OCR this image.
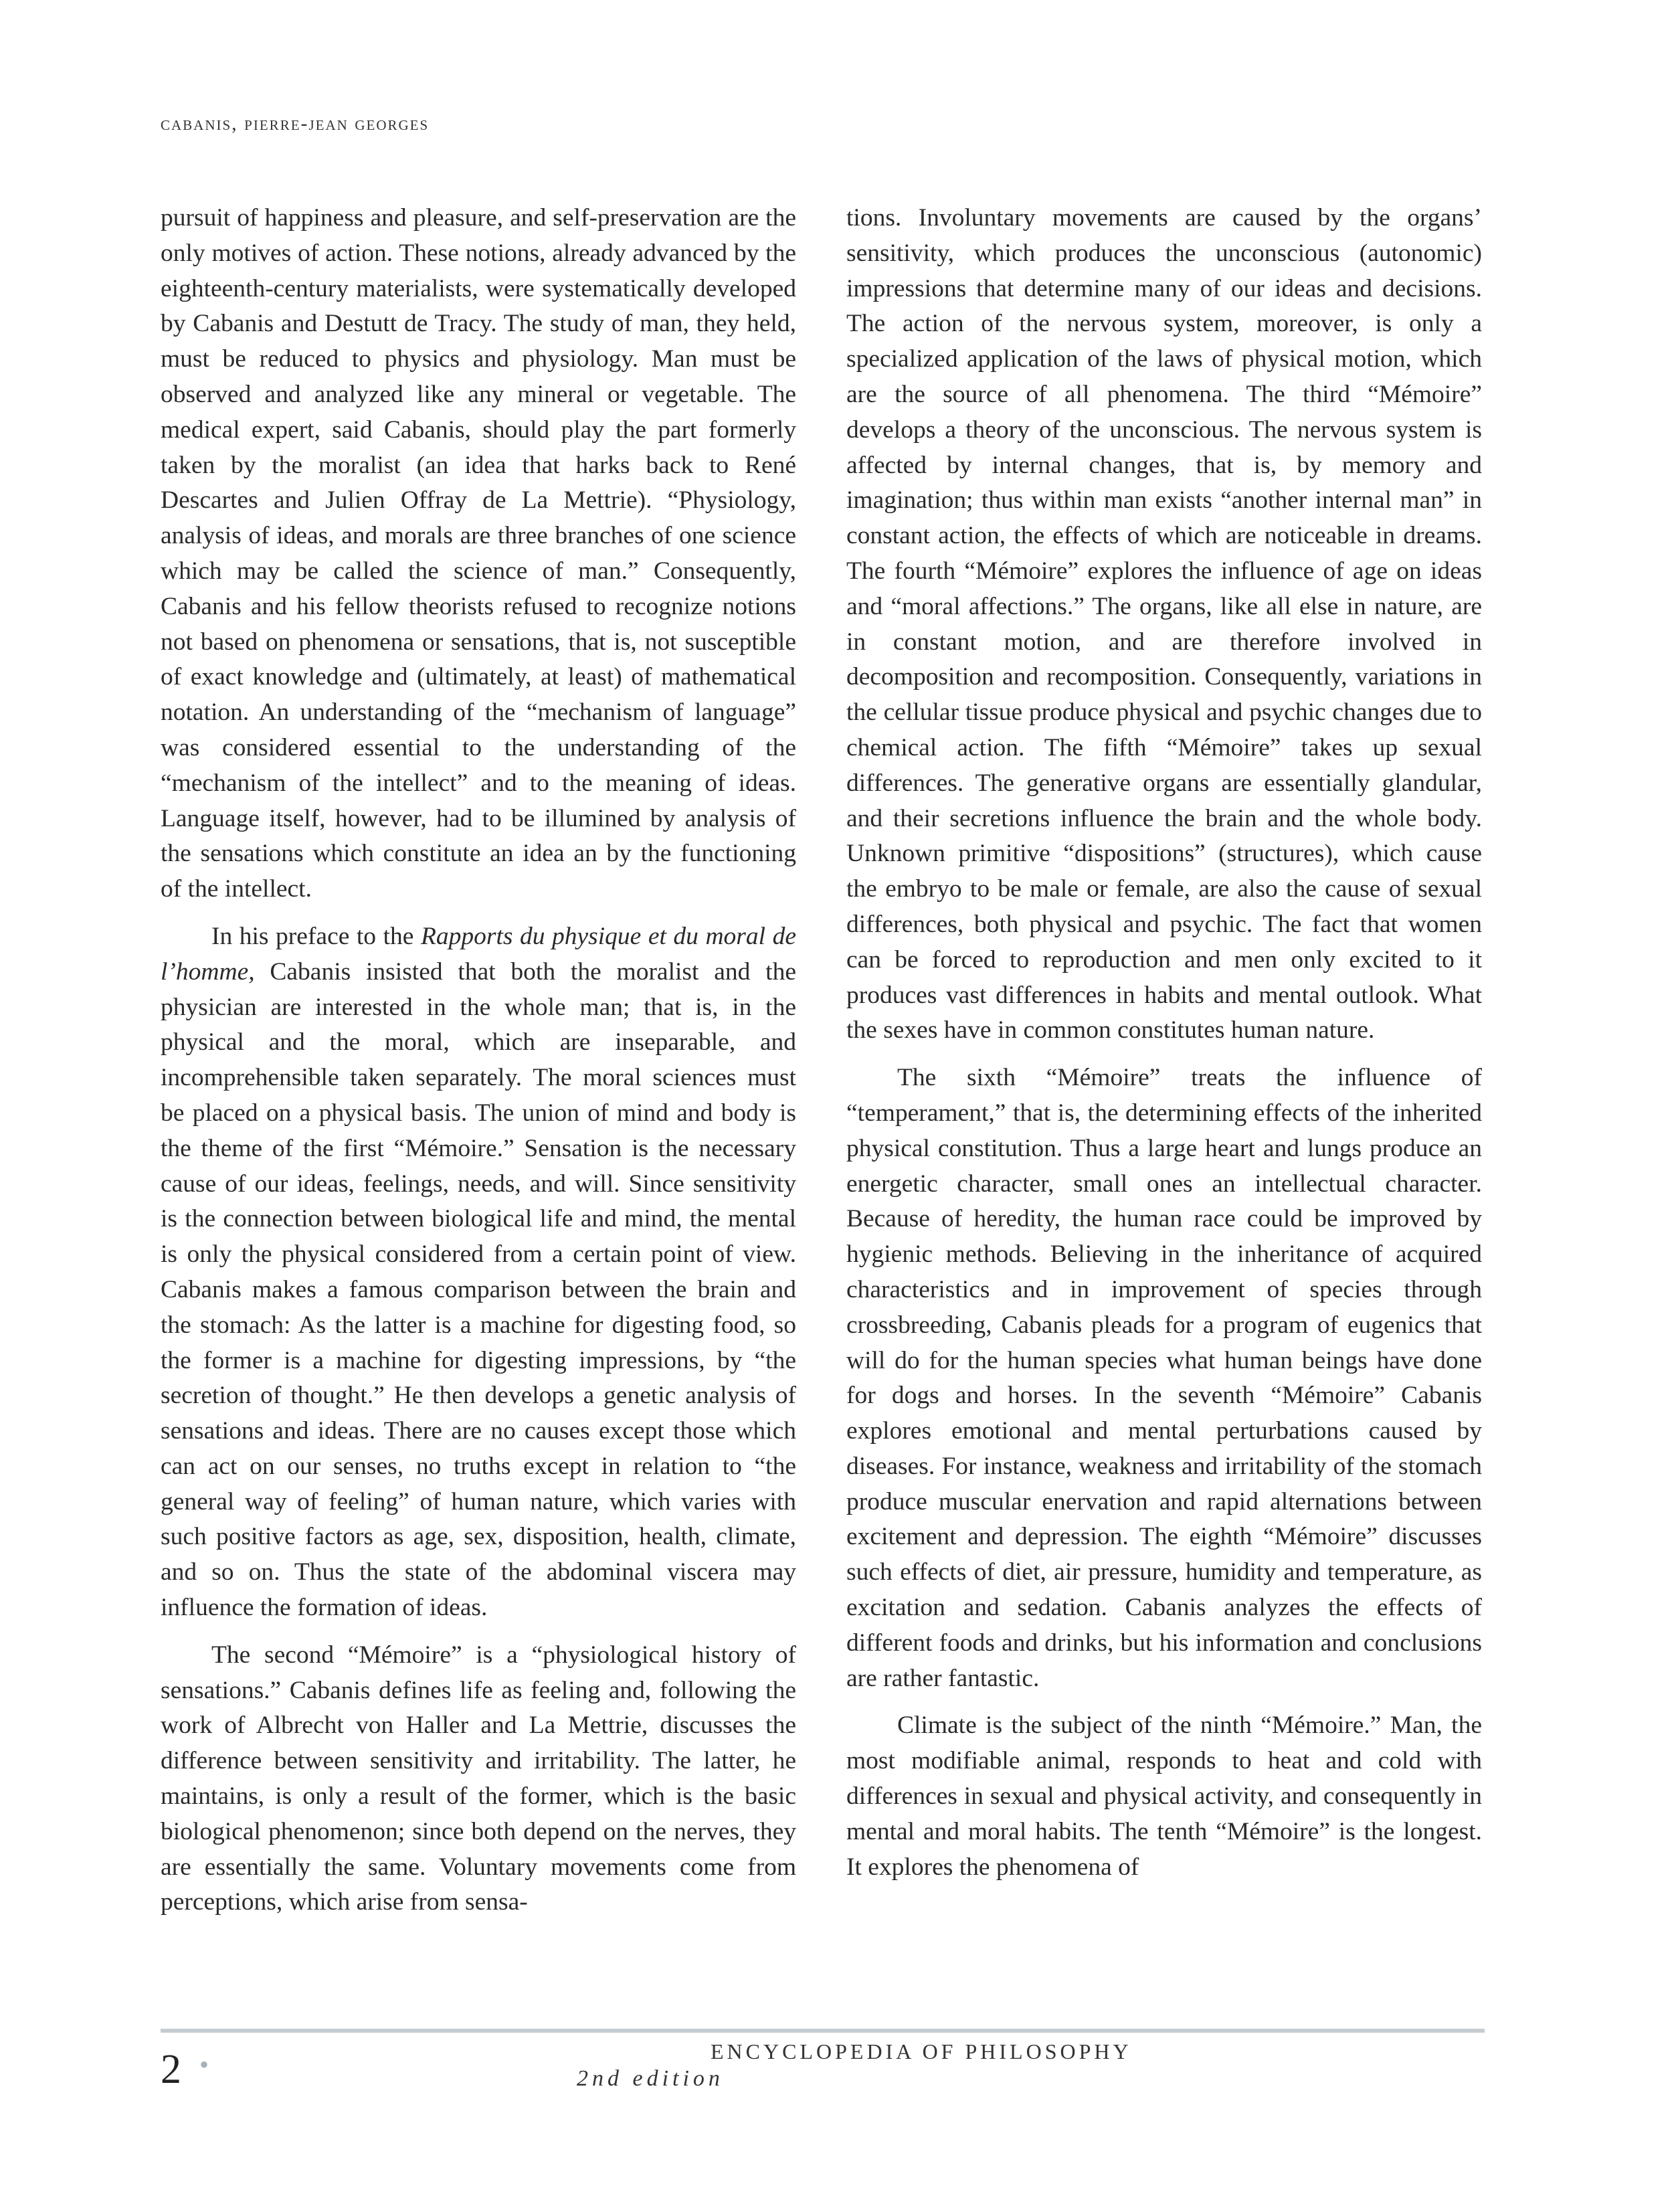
cabanis, pierre-jean georges

pursuit of happiness and pleasure, and self-preservation are the only motives of action. These notions, already advanced by the eighteenth-century materialists, were systematically developed by Cabanis and Destutt de Tracy. The study of man, they held, must be reduced to physics and physiology. Man must be observed and analyzed like any mineral or vegetable. The medical expert, said Cabanis, should play the part formerly taken by the moralist (an idea that harks back to René Descartes and Julien Offray de La Mettrie). “Physiology, analysis of ideas, and morals are three branches of one science which may be called the science of man.” Consequently, Cabanis and his fellow theorists refused to recognize notions not based on phenomena or sensations, that is, not susceptible of exact knowledge and (ultimately, at least) of mathematical notation. An understanding of the “mechanism of language” was considered essential to the understanding of the “mechanism of the intellect” and to the meaning of ideas. Language itself, however, had to be illumined by analysis of the sensations which constitute an idea an by the functioning of the intellect.

In his preface to the Rapports du physique et du moral de l’homme, Cabanis insisted that both the moralist and the physician are interested in the whole man; that is, in the physical and the moral, which are inseparable, and incomprehensible taken separately. The moral sciences must be placed on a physical basis. The union of mind and body is the theme of the first “Mémoire.” Sensation is the necessary cause of our ideas, feelings, needs, and will. Since sensitivity is the connection between biological life and mind, the mental is only the physical considered from a certain point of view. Cabanis makes a famous comparison between the brain and the stomach: As the latter is a machine for digesting food, so the former is a machine for digesting impressions, by “the secretion of thought.” He then develops a genetic analysis of sensations and ideas. There are no causes except those which can act on our senses, no truths except in relation to “the general way of feeling” of human nature, which varies with such positive factors as age, sex, disposition, health, climate, and so on. Thus the state of the abdominal viscera may influence the formation of ideas.

The second “Mémoire” is a “physiological history of sensations.” Cabanis defines life as feeling and, following the work of Albrecht von Haller and La Mettrie, discusses the difference between sensitivity and irritability. The latter, he maintains, is only a result of the former, which is the basic biological phenomenon; since both depend on the nerves, they are essentially the same. Voluntary movements come from perceptions, which arise from sensa-

tions. Involuntary movements are caused by the organs’ sensitivity, which produces the unconscious (autonomic) impressions that determine many of our ideas and decisions. The action of the nervous system, moreover, is only a specialized application of the laws of physical motion, which are the source of all phenomena. The third “Mémoire” develops a theory of the unconscious. The nervous system is affected by internal changes, that is, by memory and imagination; thus within man exists “another internal man” in constant action, the effects of which are noticeable in dreams. The fourth “Mémoire” explores the influence of age on ideas and “moral affections.” The organs, like all else in nature, are in constant motion, and are therefore involved in decomposition and recomposition. Consequently, variations in the cellular tissue produce physical and psychic changes due to chemical action. The fifth “Mémoire” takes up sexual differences. The generative organs are essentially glandular, and their secretions influence the brain and the whole body. Unknown primitive “dispositions” (structures), which cause the embryo to be male or female, are also the cause of sexual differences, both physical and psychic. The fact that women can be forced to reproduction and men only excited to it produces vast differences in habits and mental outlook. What the sexes have in common constitutes human nature.

The sixth “Mémoire” treats the influence of “temperament,” that is, the determining effects of the inherited physical constitution. Thus a large heart and lungs produce an energetic character, small ones an intellectual character. Because of heredity, the human race could be improved by hygienic methods. Believing in the inheritance of acquired characteristics and in improvement of species through crossbreeding, Cabanis pleads for a program of eugenics that will do for the human species what human beings have done for dogs and horses. In the seventh “Mémoire” Cabanis explores emotional and mental perturbations caused by diseases. For instance, weakness and irritability of the stomach produce muscular enervation and rapid alternations between excitement and depression. The eighth “Mémoire” discusses such effects of diet, air pressure, humidity and temperature, as excitation and sedation. Cabanis analyzes the effects of different foods and drinks, but his information and conclusions are rather fantastic.

Climate is the subject of the ninth “Mémoire.” Man, the most modifiable animal, responds to heat and cold with differences in sexual and physical activity, and consequently in mental and moral habits. The tenth “Mémoire” is the longest. It explores the phenomena of

2 •	ENCYCLOPEDIA OF PHILOSOPHY
2nd edition
